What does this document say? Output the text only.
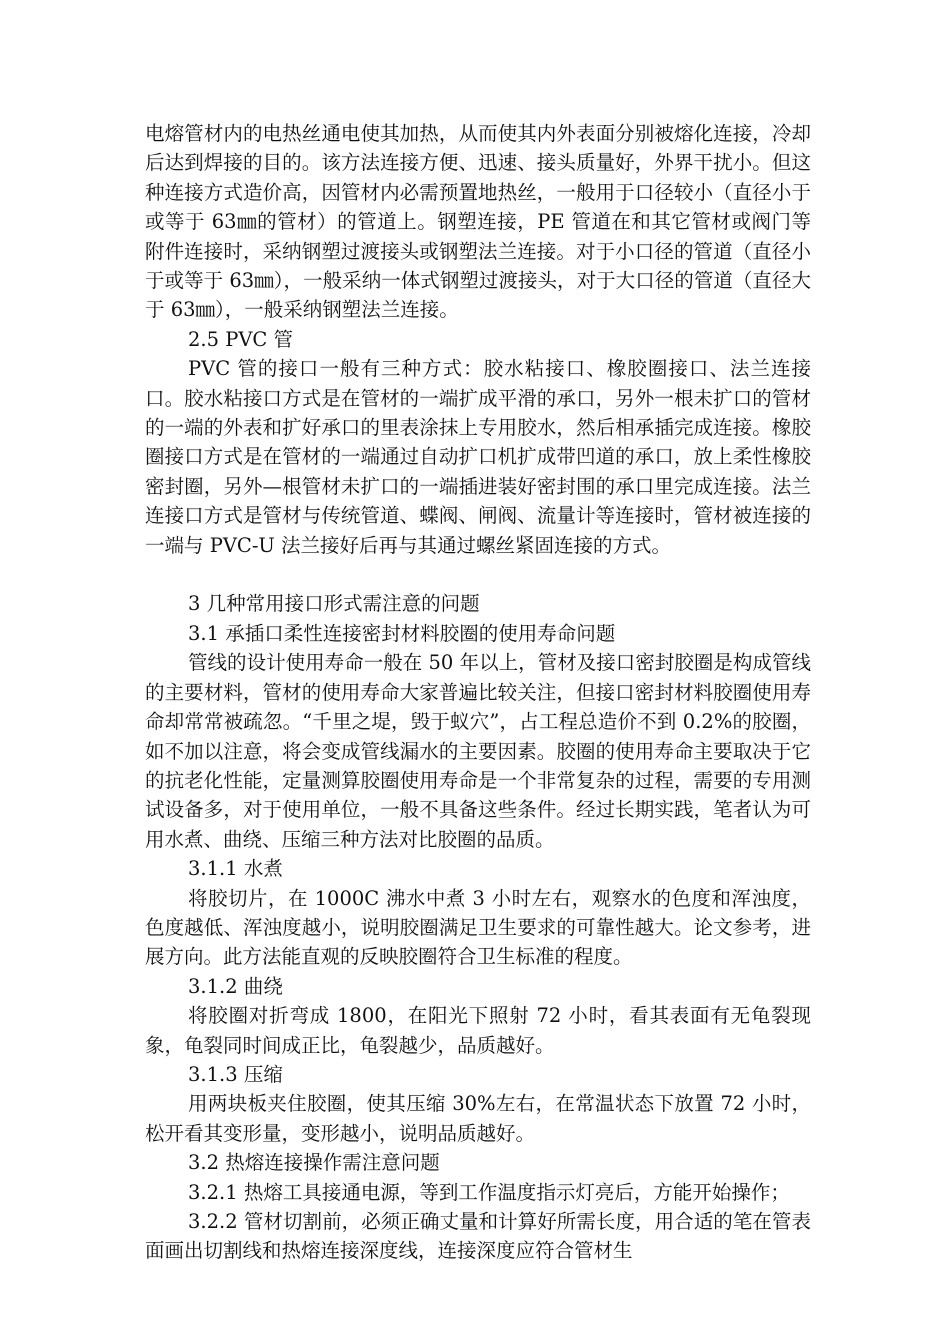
电熔管材内的电热丝通电使其加热，从而使其内外表面分别被熔化连接，冷却后达到焊接的目的。该方法连接方便、迅速、接头质量好，外界干扰小。但这种连接方式造价高，因管材内必需预置地热丝，一般用于口径较小（直径小于或等于 63㎜的管材）的管道上。钢塑连接，PE 管道在和其它管材或阀门等附件连接时，采纳钢塑过渡接头或钢塑法兰连接。对于小口径的管道（直径小于或等于 63㎜），一般采纳一体式钢塑过渡接头，对于大口径的管道（直径大于 63㎜），一般采纳钢塑法兰连接。

2.5 PVC 管

PVC 管的接口一般有三种方式：胶水粘接口、橡胶圈接口、法兰连接口。胶水粘接口方式是在管材的一端扩成平滑的承口，另外一根未扩口的管材的一端的外表和扩好承口的里表涂抹上专用胶水，然后相承插完成连接。橡胶圈接口方式是在管材的一端通过自动扩口机扩成带凹道的承口，放上柔性橡胶密封圈，另外—根管材未扩口的一端插进装好密封围的承口里完成连接。法兰连接口方式是管材与传统管道、蝶阀、闸阀、流量计等连接时，管材被连接的一端与 PVC-U 法兰接好后再与其通过螺丝紧固连接的方式。

3 几种常用接口形式需注意的问题

3.1 承插口柔性连接密封材料胶圈的使用寿命问题

管线的设计使用寿命一般在 50 年以上，管材及接口密封胶圈是构成管线的主要材料，管材的使用寿命大家普遍比较关注，但接口密封材料胶圈使用寿命却常常被疏忽。“千里之堤，毁于蚁穴”，占工程总造价不到 0.2%的胶圈，如不加以注意，将会变成管线漏水的主要因素。胶圈的使用寿命主要取决于它的抗老化性能，定量测算胶圈使用寿命是一个非常复杂的过程，需要的专用测试设备多，对于使用单位，一般不具备这些条件。经过长期实践，笔者认为可用水煮、曲绕、压缩三种方法对比胶圈的品质。

3.1.1 水煮

将胶切片，在 1000C 沸水中煮 3 小时左右，观察水的色度和浑浊度，色度越低、浑浊度越小，说明胶圈满足卫生要求的可靠性越大。论文参考，进展方向。此方法能直观的反映胶圈符合卫生标准的程度。

3.1.2 曲绕

将胶圈对折弯成 1800，在阳光下照射 72 小时，看其表面有无龟裂现象，龟裂同时间成正比，龟裂越少，品质越好。

3.1.3 压缩

用两块板夹住胶圈，使其压缩 30%左右，在常温状态下放置 72 小时，松开看其变形量，变形越小，说明品质越好。

3.2 热熔连接操作需注意问题

3.2.1 热熔工具接通电源，等到工作温度指示灯亮后，方能开始操作；

3.2.2 管材切割前，必须正确丈量和计算好所需长度，用合适的笔在管表面画出切割线和热熔连接深度线，连接深度应符合管材生
